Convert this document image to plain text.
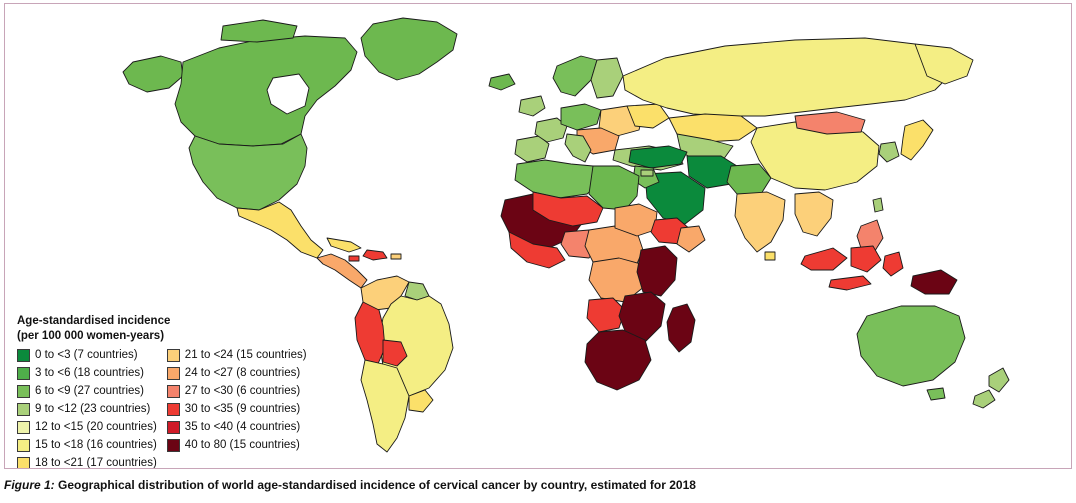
Age-standardised incidence
(per 100 000 women-years)
0 to <3 (7 countries)
3 to <6 (18 countries)
6 to <9 (27 countries)
9 to <12 (23 countries)
12 to <15 (20 countries)
15 to <18 (16 countries)
18 to <21 (17 countries)
21 to <24 (15 countries)
24 to <27 (8 countries)
27 to <30 (6 countries)
30 to <35 (9 countries)
35 to <40 (4 countries)
40 to 80 (15 countries)
Figure 1: Geographical distribution of world age-standardised incidence of cervical cancer by country, estimated for 2018
